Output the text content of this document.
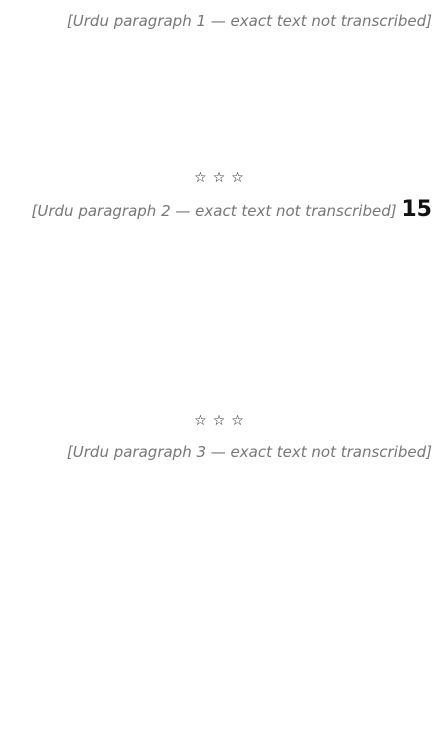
[Urdu paragraph 1 — exact text not transcribed]

☆☆☆

15 [Urdu paragraph 2 — exact text not transcribed]

☆☆☆

[Urdu paragraph 3 — exact text not transcribed]
